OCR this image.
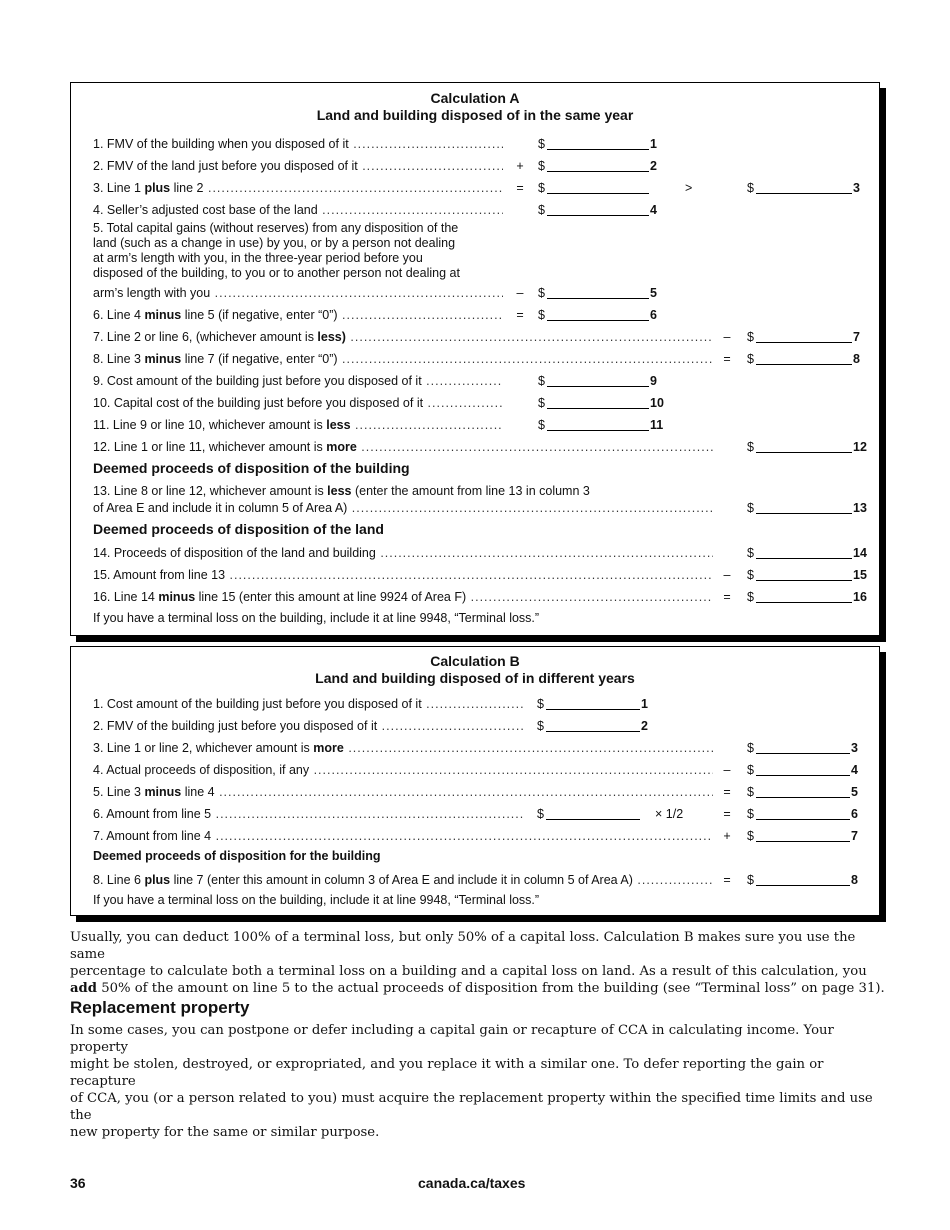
Calculation A
Land and building disposed of in the same year
1. FMV of the building when you disposed of it .....	$	1
2. FMV of the land just before you disposed of it .....	+ $	2
3. Line 1 plus line 2 .....	= $	>	$	3
4. Seller’s adjusted cost base of the land .....	$	4
5. Total capital gains (without reserves) from any disposition of the
land (such as a change in use) by you, or by a person not dealing
at arm’s length with you, in the three-year period before you
disposed of the building, to you or to another person not dealing at
arm’s length with you .....	– $	5
6. Line 4 minus line 5 (if negative, enter “0”) .....	= $	6
7. Line 2 or line 6, (whichever amount is less) .....	– $	7
8. Line 3 minus line 7 (if negative, enter “0”) .....	= $	8
9. Cost amount of the building just before you disposed of it .....	$	9
10. Capital cost of the building just before you disposed of it .....	$	10
11. Line 9 or line 10, whichever amount is less .....	$	11
12. Line 1 or line 11, whichever amount is more .....	$	12
Deemed proceeds of disposition of the building
13. Line 8 or line 12, whichever amount is less (enter the amount from line 13 in column 3
of Area E and include it in column 5 of Area A) .....	$	13
Deemed proceeds of disposition of the land
14. Proceeds of disposition of the land and building .....	$	14
15. Amount from line 13 .....	– $	15
16. Line 14 minus line 15 (enter this amount at line 9924 of Area F) .....	= $	16
If you have a terminal loss on the building, include it at line 9948, “Terminal loss.”
Calculation B
Land and building disposed of in different years
1. Cost amount of the building just before you disposed of it .....	$	1
2. FMV of the building just before you disposed of it .....	$	2
3. Line 1 or line 2, whichever amount is more .....	$	3
4. Actual proceeds of disposition, if any .....	– $	4
5. Line 3 minus line 4 .....	= $	5
6. Amount from line 5 .....	$	× 1/2	= $	6
7. Amount from line 4 .....	+ $	7
Deemed proceeds of disposition for the building
8. Line 6 plus line 7 (enter this amount in column 3 of Area E and include it in column 5 of Area A) .....	= $	8
If you have a terminal loss on the building, include it at line 9948, “Terminal loss.”
Usually, you can deduct 100% of a terminal loss, but only 50% of a capital loss. Calculation B makes sure you use the same
percentage to calculate both a terminal loss on a building and a capital loss on land. As a result of this calculation, you
add 50% of the amount on line 5 to the actual proceeds of disposition from the building (see “Terminal loss” on page 31).
Replacement property
In some cases, you can postpone or defer including a capital gain or recapture of CCA in calculating income. Your property
might be stolen, destroyed, or expropriated, and you replace it with a similar one. To defer reporting the gain or recapture
of CCA, you (or a person related to you) must acquire the replacement property within the specified time limits and use the
new property for the same or similar purpose.
36	canada.ca/taxes
